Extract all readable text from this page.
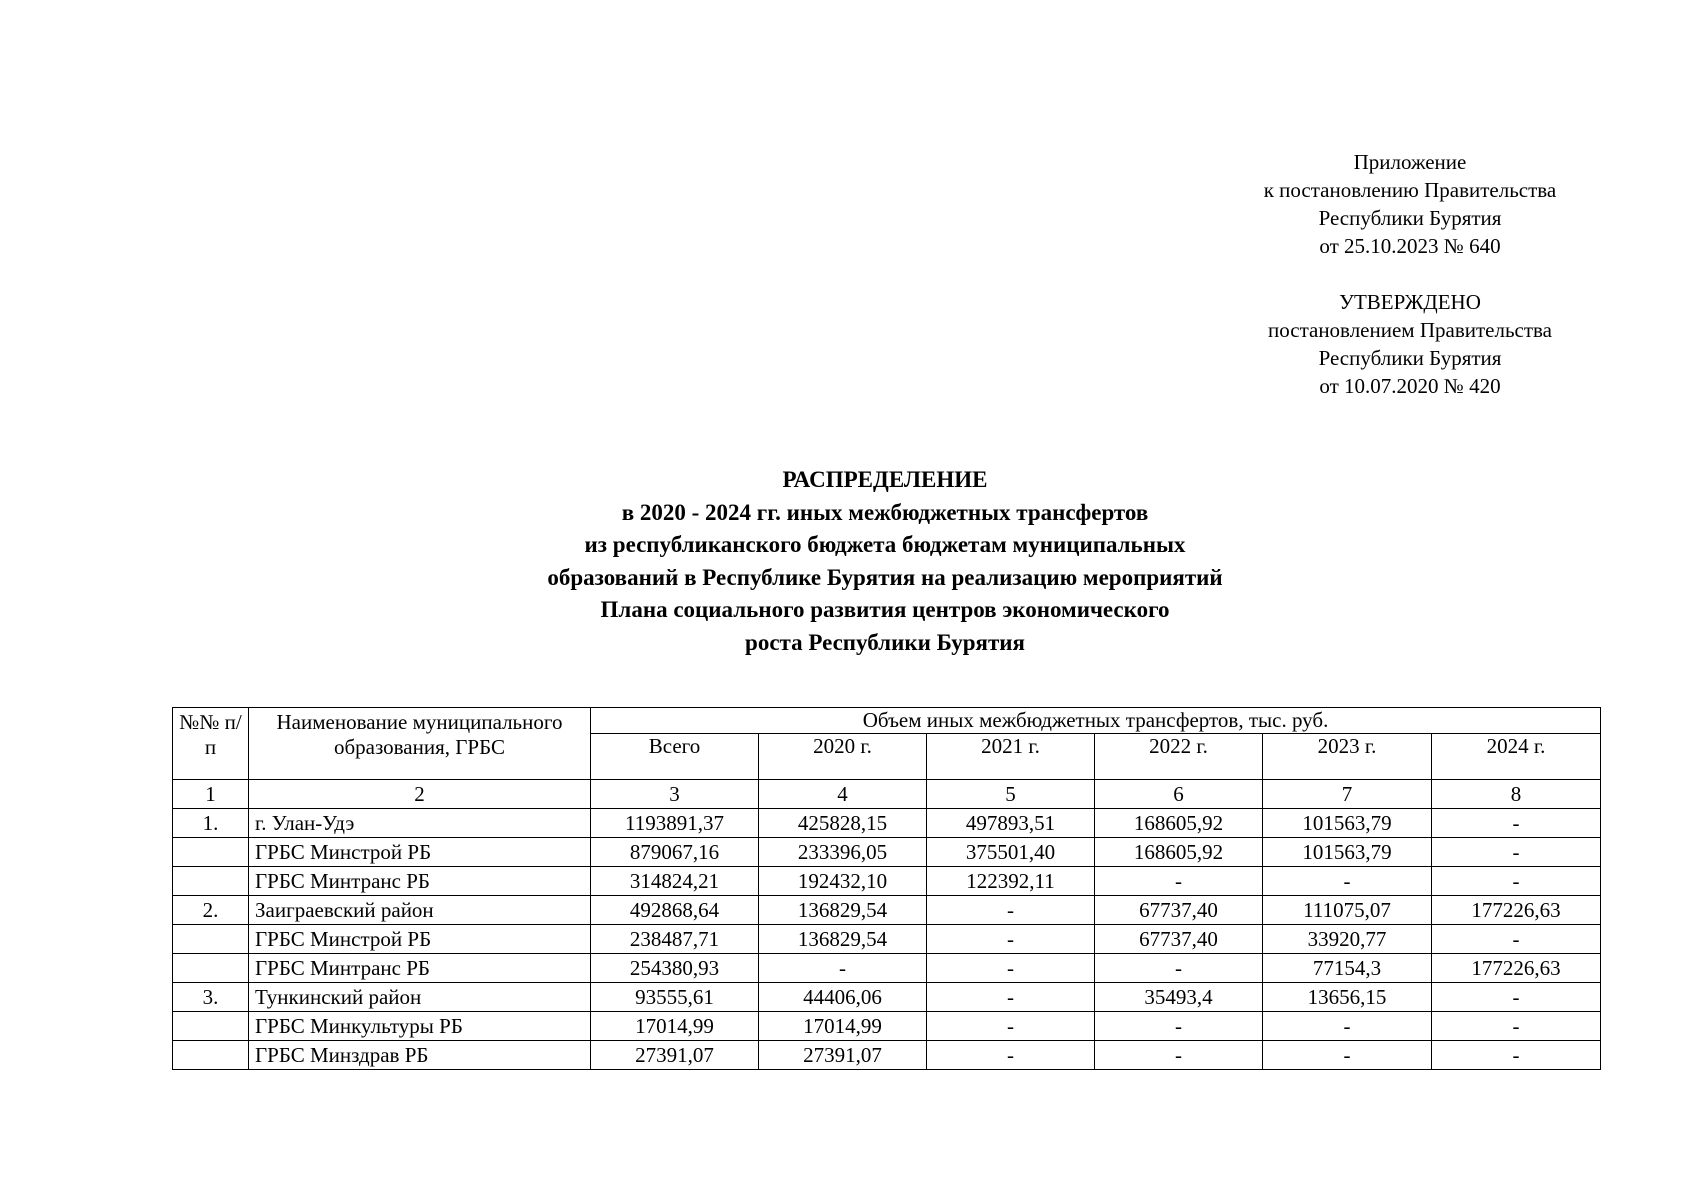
Приложение
к постановлению Правительства
Республики Бурятия
от 25.10.2023 № 640
УТВЕРЖДЕНО
постановлением Правительства
Республики Бурятия
от 10.07.2020 № 420
РАСПРЕДЕЛЕНИЕ
в 2020 - 2024 гг. иных межбюджетных трансфертов
из республиканского бюджета бюджетам муниципальных
образований в Республике Бурятия на реализацию мероприятий
Плана социального развития центров экономического
роста Республики Бурятия
№№ п/п	Наименование муниципального образования, ГРБС	Объем иных межбюджетных трансфертов, тыс. руб.					
		Всего	2020 г.	2021 г.	2022 г.	2023 г.	2024 г.
1	2	3	4	5	6	7	8
1.	г. Улан-Удэ	1193891,37	425828,15	497893,51	168605,92	101563,79	-
	ГРБС Минстрой РБ	879067,16	233396,05	375501,40	168605,92	101563,79	-
	ГРБС Минтранс РБ	314824,21	192432,10	122392,11	-	-	-
2.	Заиграевский район	492868,64	136829,54	-	67737,40	111075,07	177226,63
	ГРБС Минстрой РБ	238487,71	136829,54	-	67737,40	33920,77	-
	ГРБС Минтранс РБ	254380,93	-	-	-	77154,3	177226,63
3.	Тункинский район	93555,61	44406,06	-	35493,4	13656,15	-
	ГРБС Минкультуры РБ	17014,99	17014,99	-	-	-	-
	ГРБС Минздрав РБ	27391,07	27391,07	-	-	-	-
